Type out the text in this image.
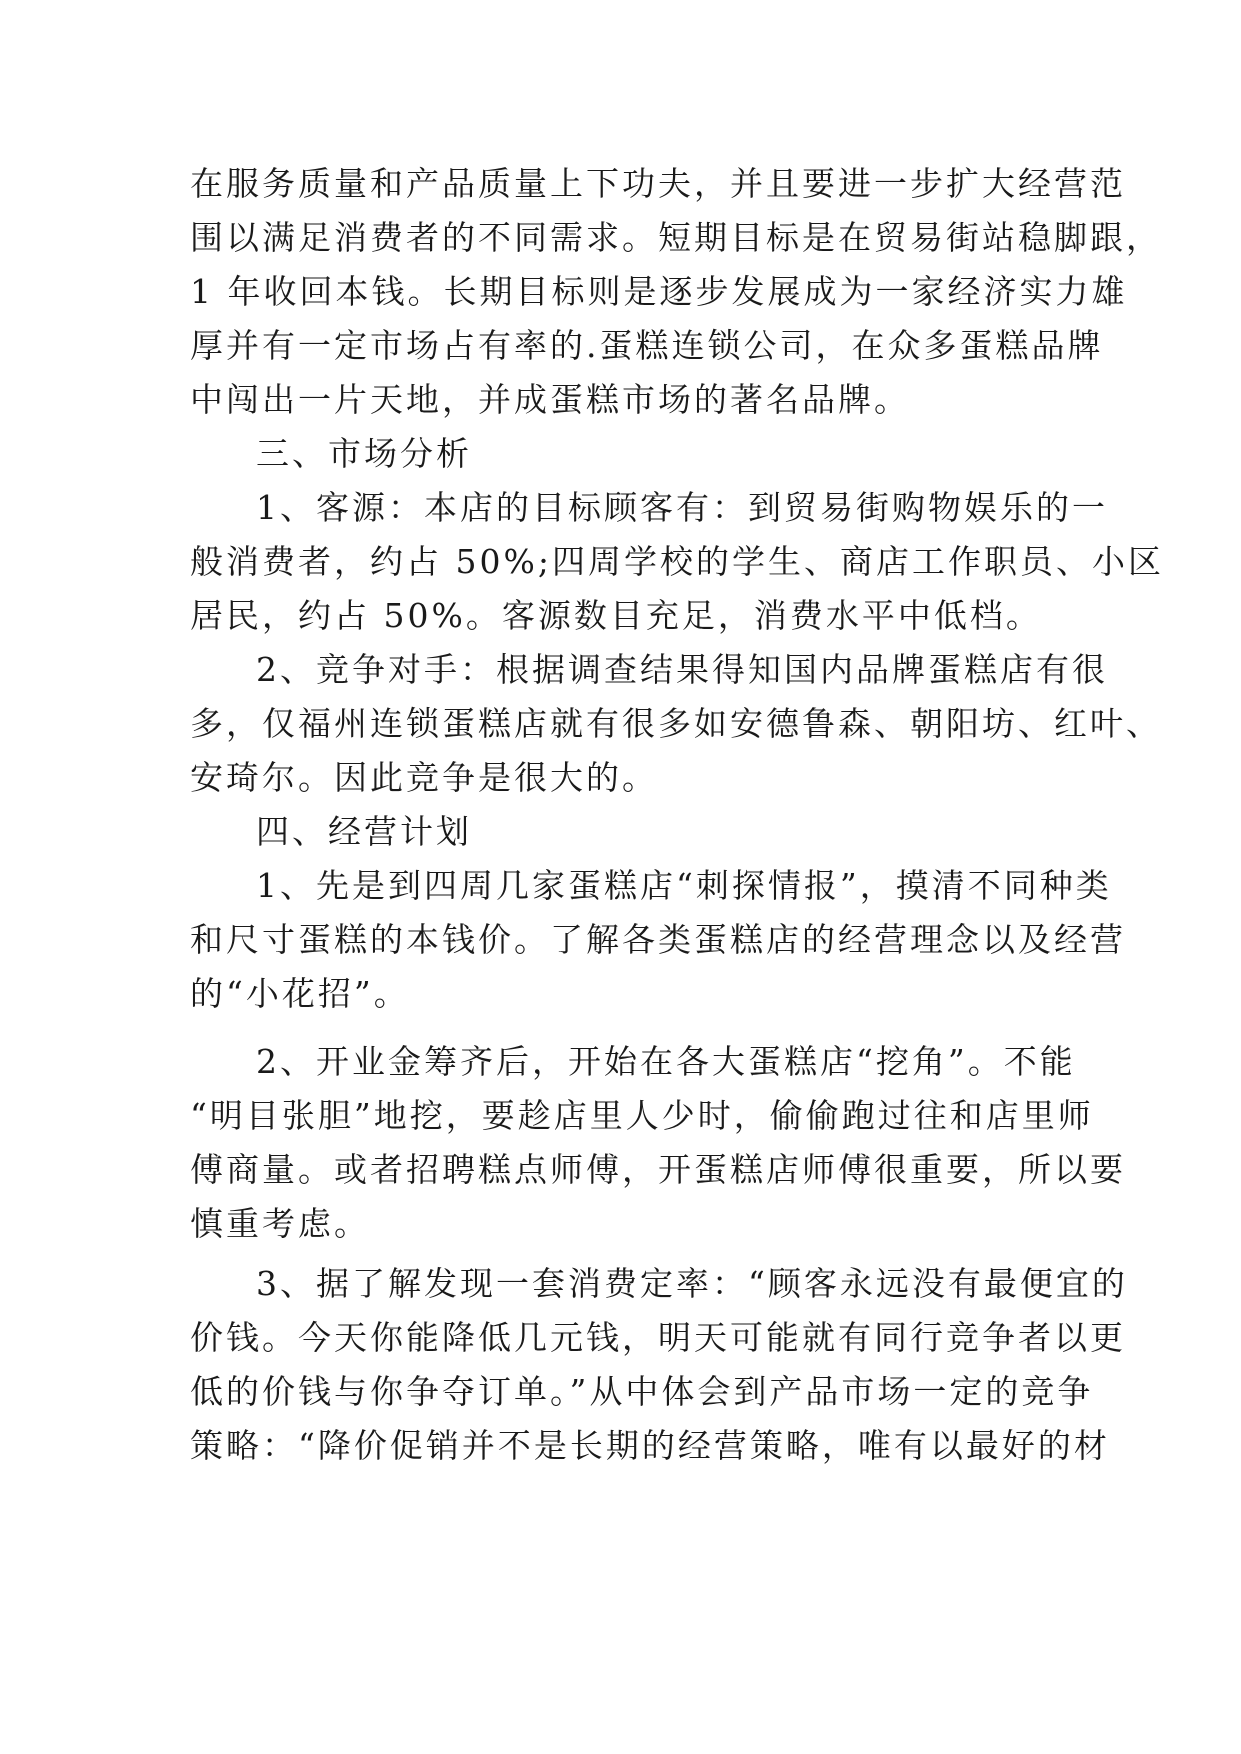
在服务质量和产品质量上下功夫，并且要进一步扩大经营范
围以满足消费者的不同需求。短期目标是在贸易街站稳脚跟，
1 年收回本钱。长期目标则是逐步发展成为一家经济实力雄
厚并有一定市场占有率的.蛋糕连锁公司，在众多蛋糕品牌
中闯出一片天地，并成蛋糕市场的著名品牌。
三、市场分析
1、客源：本店的目标顾客有：到贸易街购物娱乐的一
般消费者，约占 50%;四周学校的学生、商店工作职员、小区
居民，约占 50%。客源数目充足，消费水平中低档。
2、竞争对手：根据调查结果得知国内品牌蛋糕店有很
多，仅福州连锁蛋糕店就有很多如安德鲁森、朝阳坊、红叶、
安琦尔。因此竞争是很大的。
四、经营计划
1、先是到四周几家蛋糕店“刺探情报”，摸清不同种类
和尺寸蛋糕的本钱价。了解各类蛋糕店的经营理念以及经营
的“小花招”。
2、开业金筹齐后，开始在各大蛋糕店“挖角”。不能
“明目张胆”地挖，要趁店里人少时，偷偷跑过往和店里师
傅商量。或者招聘糕点师傅，开蛋糕店师傅很重要，所以要
慎重考虑。
3、据了解发现一套消费定率：“顾客永远没有最便宜的
价钱。今天你能降低几元钱，明天可能就有同行竞争者以更
低的价钱与你争夺订单。”从中体会到产品市场一定的竞争
策略：“降价促销并不是长期的经营策略，唯有以最好的材
